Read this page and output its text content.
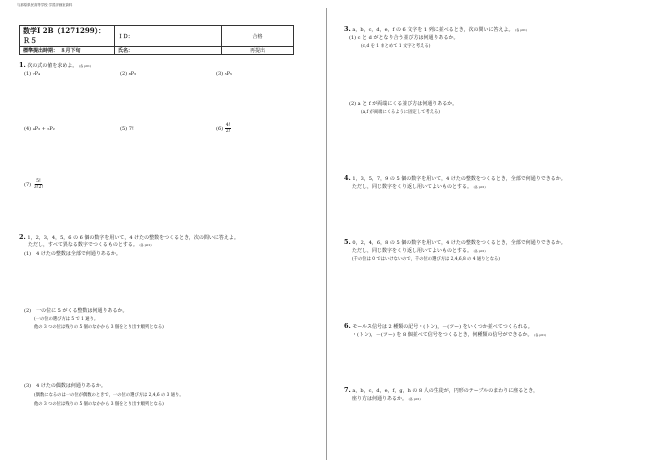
与那原県民高等学校 学習評価室資料
数学Ⅰ 2B（1271299）：Ｒ５	ＩＤ：	合格
標準提出時期：　 ８月下旬	氏名：	再提出
1. 次の式の値を求めよ。 (各 p01)
(1) ₇P₄	(2) ₈P₃	(3) ₅P₅
(4) ₄P₃ + ₅P₂	(5) 7!	$(6) \frac{4!}{2!}$
$(7) \frac{5!}{3!2!}$
2. 1，2，3，4，5，6 の 6 個の数字を用いて，4 けたの整数をつくるとき，次の問いに答えよ。
ただし，すべて異なる数字でつくるものとする。 (各 p01)
(1)　4 けたの整数は全部で何通りあるか。
(2)　一の位に 5 がくる整数は何通りあるか。
(一の位の選び方は 5 で 1 通り。
他の 3 つの位は残りの 5 個のなかから 3 個をとり出す順列となる)
(3)　4 けたの偶数は何通りあるか。
(偶数になるのは一の位が偶数のときで，一の位の選び方は 2,4,6 の 3 通り。
他の 3 つの位は残りの 5 個のなかから 3 個をとり出す順列となる)
3. a，b，c，d，e，f の 6 文字を 1 列に並べるとき，次の問いに答えよ。 (各 p01)
(1) c と d がとなり合う並び方は何通りあるか。
(c,d を 1 まとめて 1 文字と考える)
(2) a と f が両端にくる並び方は何通りあるか。
(a,f が両端にくるように固定して考える)
4. 1，3，5，7，9 の 5 個の数字を用いて，4 けたの整数をつくるとき，全部で何通りできるか。
ただし，同じ数字をくり返し用いてよいものとする。 (各 p01)
5. 0，2，4，6，8 の 5 個の数字を用いて，4 けたの整数をつくるとき，全部で何通りできるか。
ただし，同じ数字をくり返し用いてよいものとする。 (各 p01)
(千の位は 0 ではいけないので，千の位の選び方は 2,4,6,8 の 4 通りとなる)
6. モールス信号は 2 種類の記号・(トン)，－(ツー) をいくつか並べてつくられる。
・(トン)，－(ツー) を 8 個並べて信号をつくるとき，何種類の信号ができるか。 (各 p01)
7. a，b，c，d，e，f，g，h の 8 人の生徒が，円形のテーブルのまわりに座るとき，
座り方は何通りあるか。 (各 p01)
